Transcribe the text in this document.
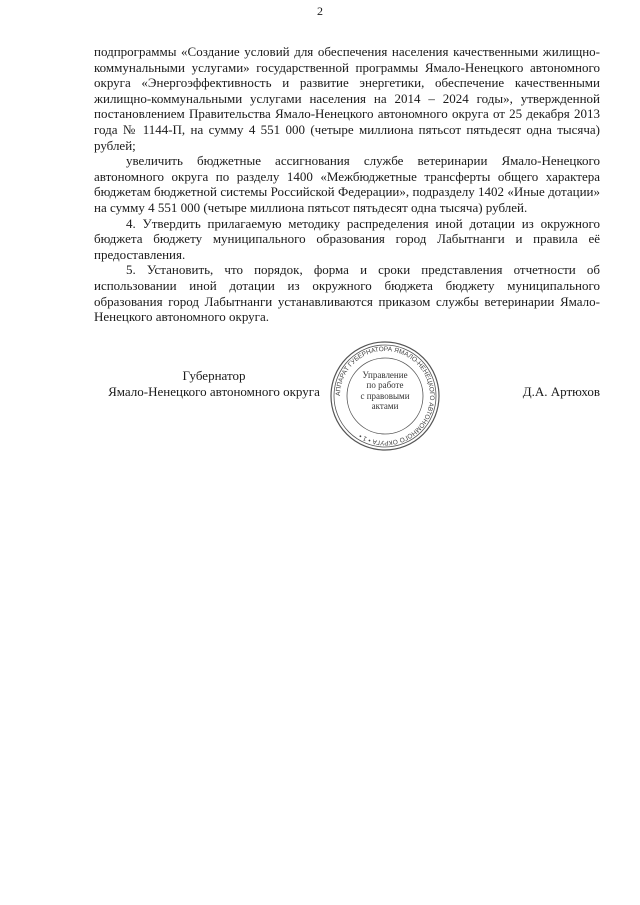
2

подпрограммы «Создание условий для обеспечения населения качественными жилищно-коммунальными услугами» государственной программы Ямало-Ненецкого автономного округа «Энергоэффективность и развитие энергетики, обеспечение качественными жилищно-коммунальными услугами населения на 2014 – 2024 годы», утвержденной постановлением Правительства Ямало-Ненецкого автономного округа от 25 декабря 2013 года № 1144-П, на сумму 4 551 000 (четыре миллиона пятьсот пятьдесят одна тысяча) рублей;

увеличить бюджетные ассигнования службе ветеринарии Ямало-Ненецкого автономного округа по разделу 1400 «Межбюджетные трансферты общего характера бюджетам бюджетной системы Российской Федерации», подразделу 1402 «Иные дотации» на сумму 4 551 000 (четыре миллиона пятьсот пятьдесят одна тысяча) рублей.

4. Утвердить прилагаемую методику распределения иной дотации из окружного бюджета бюджету муниципального образования город Лабытнанги и правила её предоставления.

5. Установить, что порядок, форма и сроки представления отчетности об использовании иной дотации из окружного бюджета бюджету муниципального образования город Лабытнанги устанавливаются приказом службы ветеринарии Ямало-Ненецкого автономного округа.

Губернатор
Ямало-Ненецкого автономного округа	Д.А. Артюхов
АППАРАТ ГУБЕРНАТОРА ЯМАЛО-НЕНЕЦКОГО АВТОНОМНОГО ОКРУГА • 1 •
Управление
по работе
с правовыми
актами
